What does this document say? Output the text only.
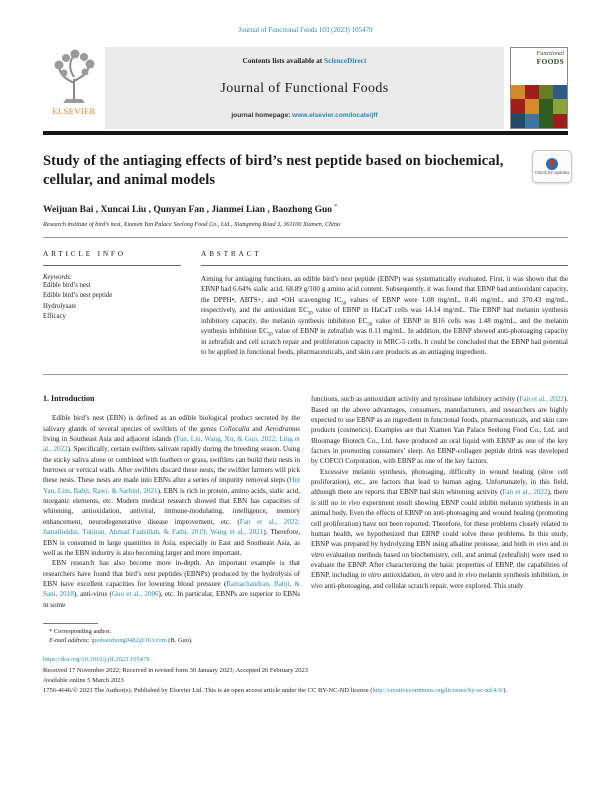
Journal of Functional Foods 103 (2023) 105479
ELSEVIER
Contents lists available at ScienceDirect
Journal of Functional Foods
journal homepage: www.elsevier.com/locate/jff
Functional
FOODS
Study of the antiaging effects of bird’s nest peptide based on biochemical, cellular, and animal models
Check for updates
Weijuan Bai , Xuncai Liu , Qunyan Fan , Jianmei Lian , Baozhong Guo *
Research institute of bird’s nest, Xiamen Yan Palace Seelong Food Co., Ltd., Xiangming Road 3, 361100 Xiamen, China
ARTICLE INFO
Keywords:
Edible bird’s nest
Edible bird’s nest peptide
Hydrolysate
Efficacy
ABSTRACT

Aiming for antiaging functions, an edible bird’s nest peptide (EBNP) was systematically evaluated. First, it was shown that the EBNP had 6.64% sialic acid, 68.89 g/100 g amino acid content. Subsequently, it was found that EBNP had antioxidant capacity, the DPPH•, ABTS+, and •OH scavenging $IC_{50}$ values of EBNP were 1.08 mg/mL, 0.46 mg/mL, and 370.43 mg/mL, respectively, and the antioxidant $EC_{50}$ value of EBNP in HaCaT cells was 14.14 mg/mL. The EBNP had melanin synthesis inhibitory capacity, the melanin synthesis inhibition $EC_{50}$ value of EBNP in B16 cells was 1.48 mg/mL, and the melanin synthesis inhibition $EC_{50}$ value of EBNP in zebrafish was 0.11 mg/mL. In addition, the EBNP showed anti-photoaging capacity in zebrafish and cell scratch repair and proliferation capacity in MRC-5 cells. It could be concluded that the EBNP had potential to be applied in functional foods, pharmaceuticals, and skin care products as an antiaging ingredient.

1. Introduction

Edible bird’s nest (EBN) is defined as an edible biological product secreted by the salivary glands of several species of swiftlets of the genus Collocalia and Aerodramus living in Southeast Asia and adjacent islands (Fan, Liu, Wang, Xu, & Guo, 2022; Ling et al., 2022). Specifically, certain swiftlets salivate rapidly during the breeding season. Using the sticky saliva alone or combined with feathers or grass, swiftlets can build their nests in burrows or vertical walls. After swiftlets discard these nests, the swiftlet farmers will pick these nests. These nests are made into EBNs after a series of impurity removal steps (Hui Yan, Lim, Babji, Rawi, & Sarbini, 2021). EBN is rich in protein, amino acids, sialic acid, inorganic elements, etc. Modern medical research showed that EBN has capacities of whitening, antioxidation, antiviral, immune-modulating, intelligence, memory enhancement, neurodegenerative disease improvement, etc. (Fan et al., 2022; Jamalluddin, Tukiran, Ahmad Fadzillah, & Fathi, 2019; Wang et al., 2021). Therefore, EBN is consumed in large quantities in Asia, especially in East and Southeast Asia, as well as the EBN industry is also becoming larger and more important.

EBN research has also become more in-depth. An important example is that researchers have found that bird’s nest peptides (EBNPs) produced by the hydrolysis of EBN have excellent capacities for lowering blood pressure (Ramachandran, Babji, & Sani, 2018), anti-virus (Guo et al., 2006), etc. In particular, EBNPs are superior to EBNs in some

functions, such as antioxidant activity and tyrosinase inhibitory activity (Fan et al., 2022). Based on the above advantages, consumers, manufacturers, and researchers are highly expected to use EBNP as an ingredient in functional foods, pharmaceuticals, and skin care products (cosmetics). Examples are that Xiamen Yan Palace Seelong Food Co., Ltd. and Bloomage Biotech Co., Ltd. have produced an oral liquid with EBNP as one of the key factors in promoting consumers’ sleep. An EBNP-collagen peptide drink was developed by COFCO Corporation, with EBNP as one of the key factors.

Excessive melanin synthesis, photoaging, difficulty in wound healing (slow cell proliferation), etc., are factors that lead to human aging. Unfortunately, in this field, although there are reports that EBNP had skin whitening activity (Fan et al., 2022), there is still no in vivo experiment result showing EBNP could inhibit melanin synthesis in an animal body. Even the effects of EBNP on anti-photoaging and wound healing (promoting cell proliferation) have not been reported. Therefore, for these problems closely related to human health, we hypothesized that EBNP could solve these problems. In this study, EBNP was prepared by hydrolyzing EBN using alkaline protease, and both in vivo and in vitro evaluation methods based on biochemistry, cell, and animal (zebrafish) were used to evaluate the EBNP. After characterizing the basic properties of EBNP, the capabilities of EBNP, including in vitro antioxidation, in vitro and in vivo melanin synthesis inhibition, in vivo anti-photoaging, and cellular scratch repair, were explored. This study

* Corresponding author.

E-mail address: guobaozhong0482@163.com (B. Guo).

https://doi.org/10.1016/j.jff.2023.105479
Received 17 November 2022; Received in revised form 30 January 2023; Accepted 26 February 2023
Available online 5 March 2023
1756-4646/© 2023 The Author(s). Published by Elsevier Ltd. This is an open access article under the CC BY-NC-ND license (http://creativecommons.org/licenses/by-nc-nd/4.0/).
